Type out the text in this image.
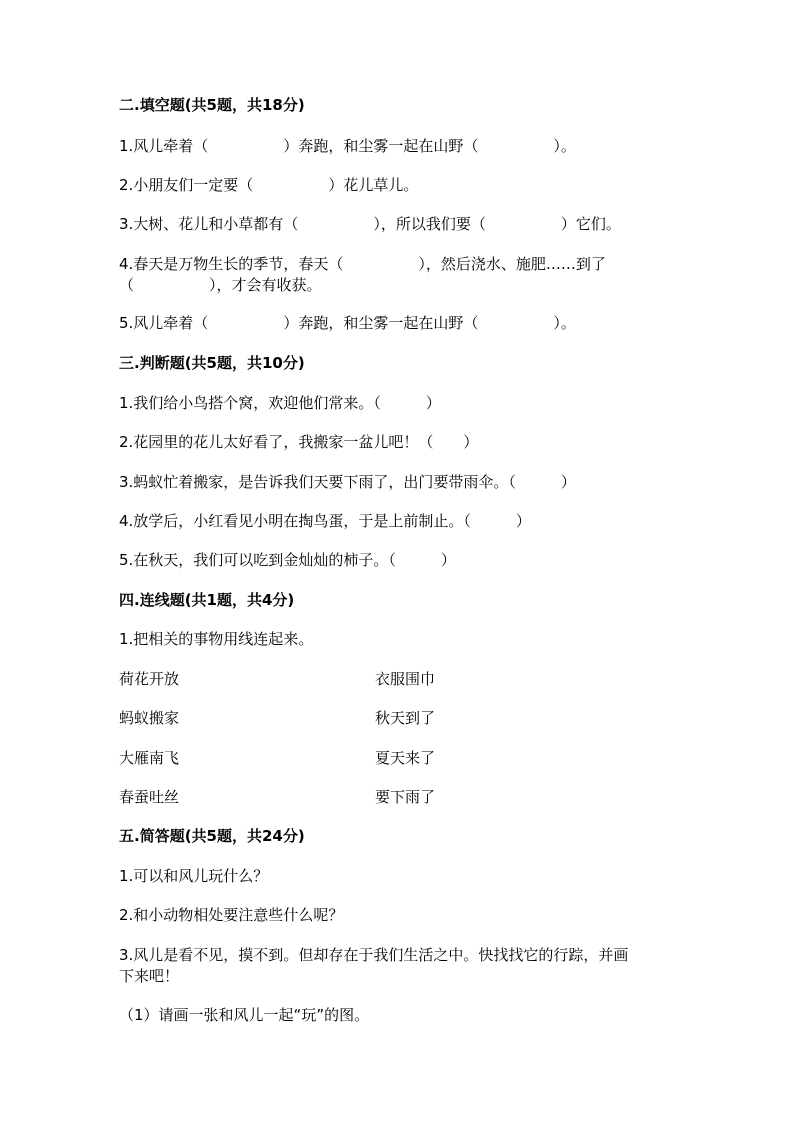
二.填空题(共5题，共18分)
1.风儿牵着（　　　　　）奔跑，和尘雾一起在山野（　　　　　）。
2.小朋友们一定要（　　　　　）花儿草儿。
3.大树、花儿和小草都有（　　　　　），所以我们要（　　　　　）它们。
4.春天是万物生长的季节，春天（　　　　　），然后浇水、施肥……到了
（　　　　　），才会有收获。
5.风儿牵着（　　　　　）奔跑，和尘雾一起在山野（　　　　　）。
三.判断题(共5题，共10分)
1.我们给小鸟搭个窝，欢迎他们常来。（　　　）
2.花园里的花儿太好看了，我搬家一盆儿吧！（　　）
3.蚂蚁忙着搬家，是告诉我们天要下雨了，出门要带雨伞。（　　　）
4.放学后，小红看见小明在掏鸟蛋，于是上前制止。（　　　）
5.在秋天，我们可以吃到金灿灿的柿子。（　　　）
四.连线题(共1题，共4分)
1.把相关的事物用线连起来。
荷花开放	衣服围巾
蚂蚁搬家	秋天到了
大雁南飞	夏天来了
春蚕吐丝	要下雨了
五.简答题(共5题，共24分)
1.可以和风儿玩什么？
2.和小动物相处要注意些什么呢？
3.风儿是看不见，摸不到。但却存在于我们生活之中。快找找它的行踪，并画
下来吧！
（1）请画一张和风儿一起“玩”的图。
